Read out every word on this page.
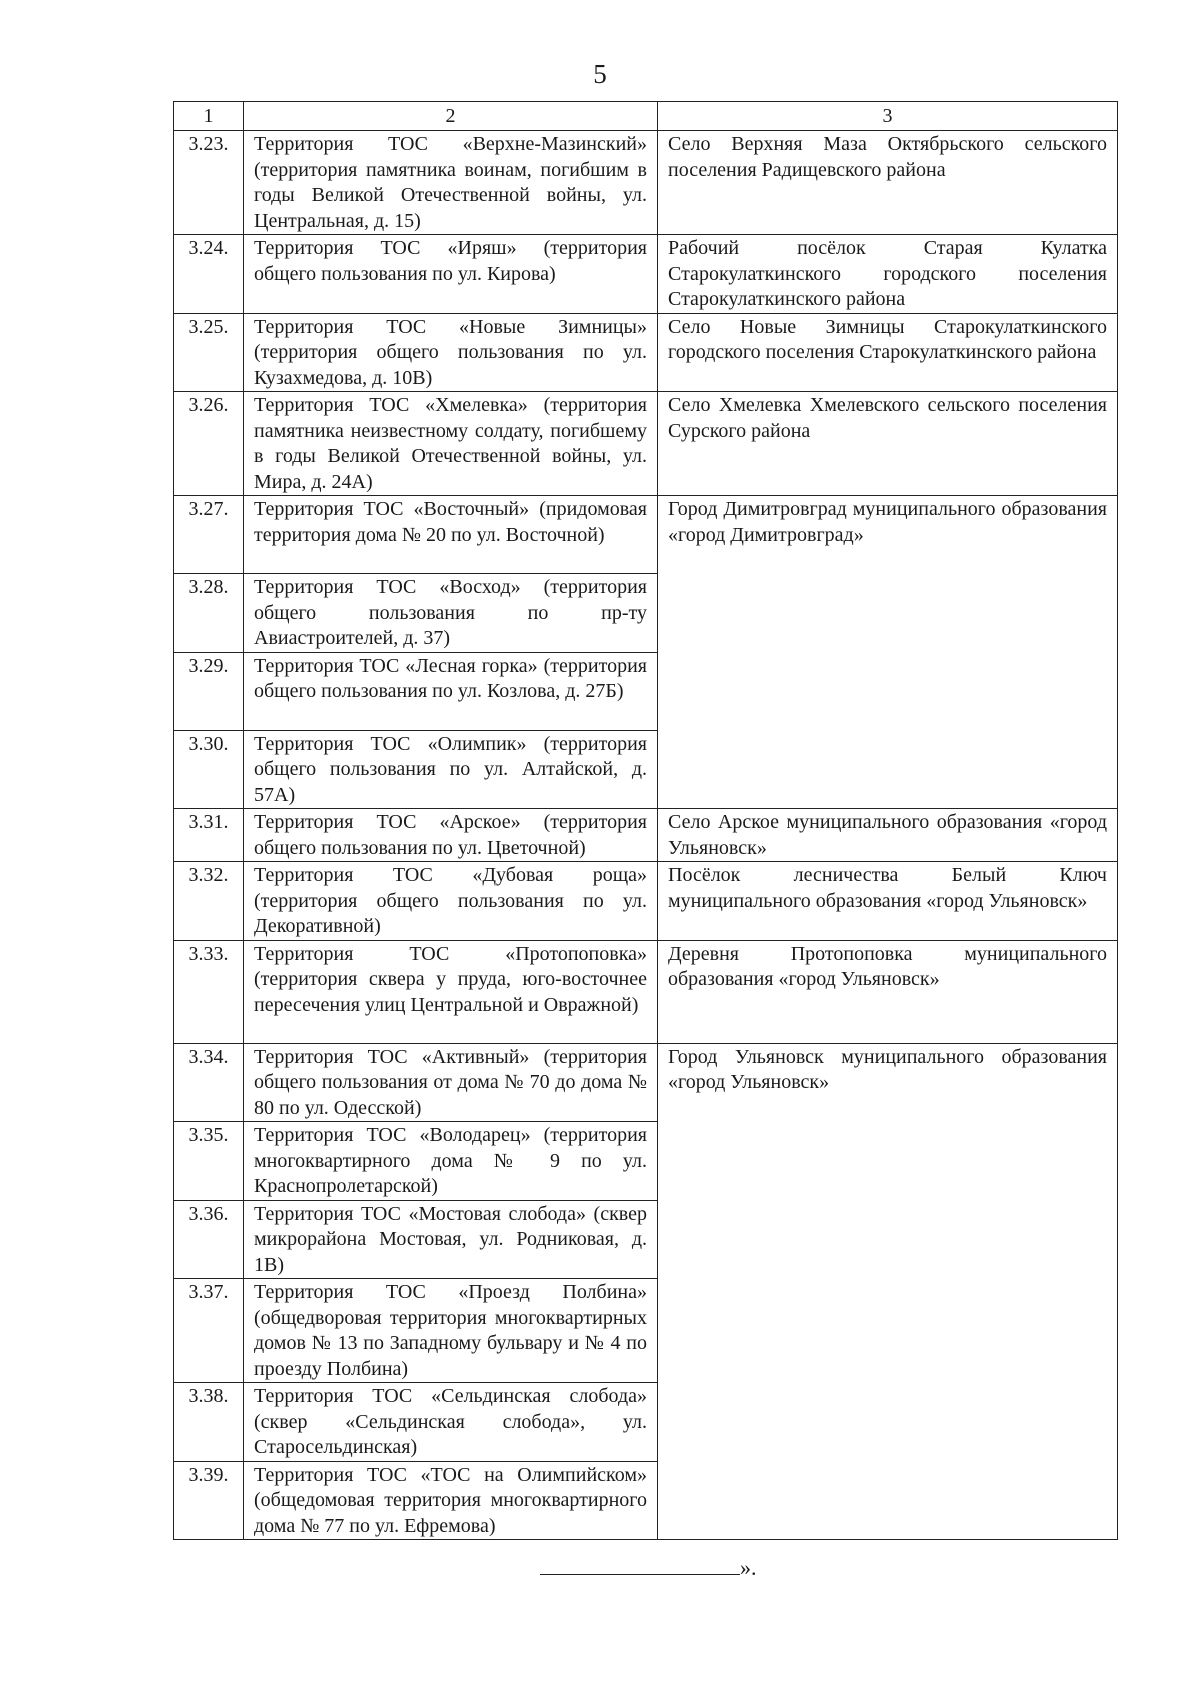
5
1	2	3
3.23.	Территория ТОС «Верхне-Мазинский» (территория памятника воинам, погибшим в годы Великой Отечественной войны, ул. Центральная, д. 15)	Село Верхняя Маза Октябрьского сельского поселения Радищевского района
3.24.	Территория ТОС «Иряш» (территория общего пользования по ул. Кирова)	Рабочий посёлок Старая Кулатка Старокулаткинского городского поселения Старокулаткинского района
3.25.	Территория ТОС «Новые Зимницы» (территория общего пользования по ул. Кузахмедова, д. 10В)	Село Новые Зимницы Старокулаткинского городского поселения Старокулаткинского района
3.26.	Территория ТОС «Хмелевка» (территория памятника неизвестному солдату, погибшему в годы Великой Отечественной войны, ул. Мира, д. 24А)	Село Хмелевка Хмелевского сельского поселения Сурского района
3.27.	Территория ТОС «Восточный» (придомовая территория дома № 20 по ул. Восточной)	Город Димитровград муниципального образования «город Димитровград»
3.28.	Территория ТОС «Восход» (территория общего пользования по пр-ту Авиастроителей, д. 37)	
3.29.	Территория ТОС «Лесная горка» (территория общего пользования по ул. Козлова, д. 27Б)	
3.30.	Территория ТОС «Олимпик» (территория общего пользования по ул. Алтайской, д. 57А)	
3.31.	Территория ТОС «Арское» (территория общего пользования по ул. Цветочной)	Село Арское муниципального образования «город Ульяновск»
3.32.	Территория ТОС «Дубовая роща» (территория общего пользования по ул. Декоративной)	Посёлок лесничества Белый Ключ муниципального образования «город Ульяновск»
3.33.	Территория ТОС «Протопоповка» (территория сквера у пруда, юго-восточнее пересечения улиц Центральной и Овражной)	Деревня Протопоповка муниципального образования «город Ульяновск»
3.34.	Территория ТОС «Активный» (территория общего пользования от дома № 70 до дома № 80 по ул. Одесской)	Город Ульяновск муниципального образования «город Ульяновск»
3.35.	Территория ТОС «Володарец» (территория многоквартирного дома № 9 по ул. Краснопролетарской)	
3.36.	Территория ТОС «Мостовая слобода» (сквер микрорайона Мостовая, ул. Родниковая, д. 1В)	
3.37.	Территория ТОС «Проезд Полбина» (общедворовая территория многоквартирных домов № 13 по Западному бульвару и № 4 по проезду Полбина)	
3.38.	Территория ТОС «Сельдинская слобода» (сквер «Сельдинская слобода», ул. Старосельдинская)	
3.39.	Территория ТОС «ТОС на Олимпийском» (общедомовая территория многоквартирного дома № 77 по ул. Ефремова)	
».
